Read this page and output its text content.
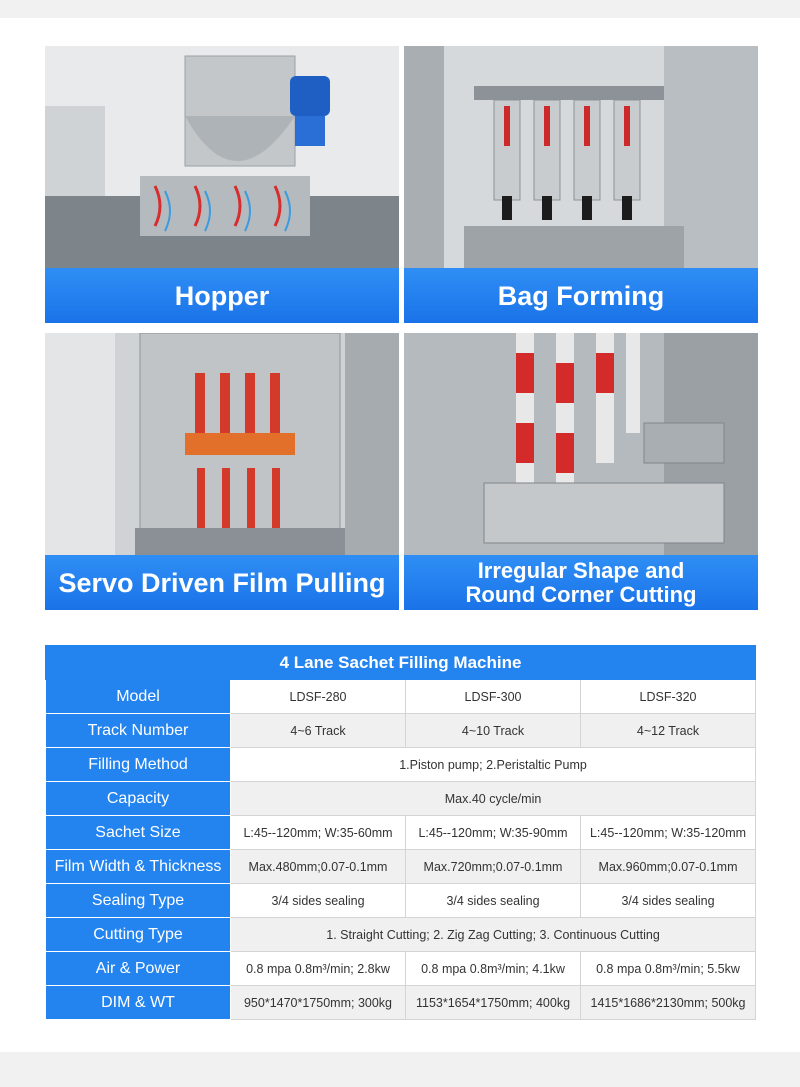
Hopper	Bag Forming
Servo Driven Film Pulling	Irregular Shape and
Round Corner Cutting
4 Lane Sachet Filling Machine			
Model	LDSF-280	LDSF-300	LDSF-320
Track Number	4~6 Track	4~10 Track	4~12 Track
Filling Method	1.Piston pump; 2.Peristaltic Pump		
Capacity	Max.40 cycle/min		
Sachet Size	L:45--120mm; W:35-60mm	L:45--120mm; W:35-90mm	L:45--120mm; W:35-120mm
Film Width & Thickness	Max.480mm;0.07-0.1mm	Max.720mm;0.07-0.1mm	Max.960mm;0.07-0.1mm
Sealing Type	3/4 sides sealing	3/4 sides sealing	3/4 sides sealing
Cutting Type	1. Straight Cutting; 2. Zig Zag Cutting; 3. Continuous Cutting		
Air & Power	0.8 mpa 0.8m³/min; 2.8kw	0.8 mpa 0.8m³/min; 4.1kw	0.8 mpa 0.8m³/min; 5.5kw
DIM & WT	950*1470*1750mm; 300kg	1153*1654*1750mm; 400kg	1415*1686*2130mm; 500kg
